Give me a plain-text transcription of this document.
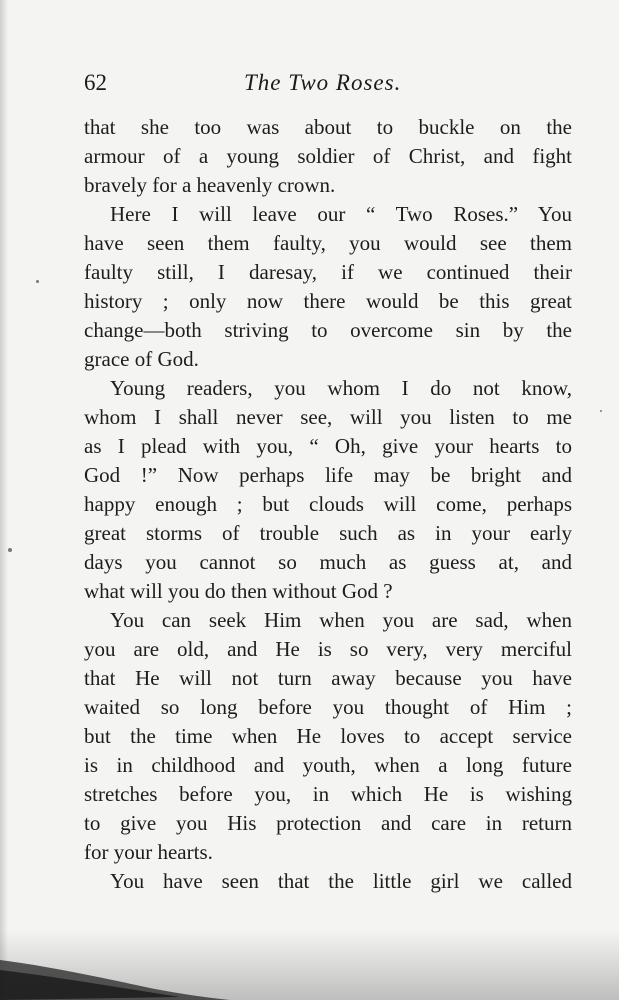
62	The Two Roses.
that she too was about to buckle on the
armour of a young soldier of Christ, and fight
bravely for a heavenly crown.
Here I will leave our “ Two Roses.” You
have seen them faulty, you would see them
faulty still, I daresay, if we continued their
history ; only now there would be this great
change—both striving to overcome sin by the
grace of God.
Young readers, you whom I do not know,
whom I shall never see, will you listen to me
as I plead with you, “ Oh, give your hearts to
God !” Now perhaps life may be bright and
happy enough ; but clouds will come, perhaps
great storms of trouble such as in your early
days you cannot so much as guess at, and
what will you do then without God ?
You can seek Him when you are sad, when
you are old, and He is so very, very merciful
that He will not turn away because you have
waited so long before you thought of Him ;
but the time when He loves to accept service
is in childhood and youth, when a long future
stretches before you, in which He is wishing
to give you His protection and care in return
for your hearts.
You have seen that the little girl we called
